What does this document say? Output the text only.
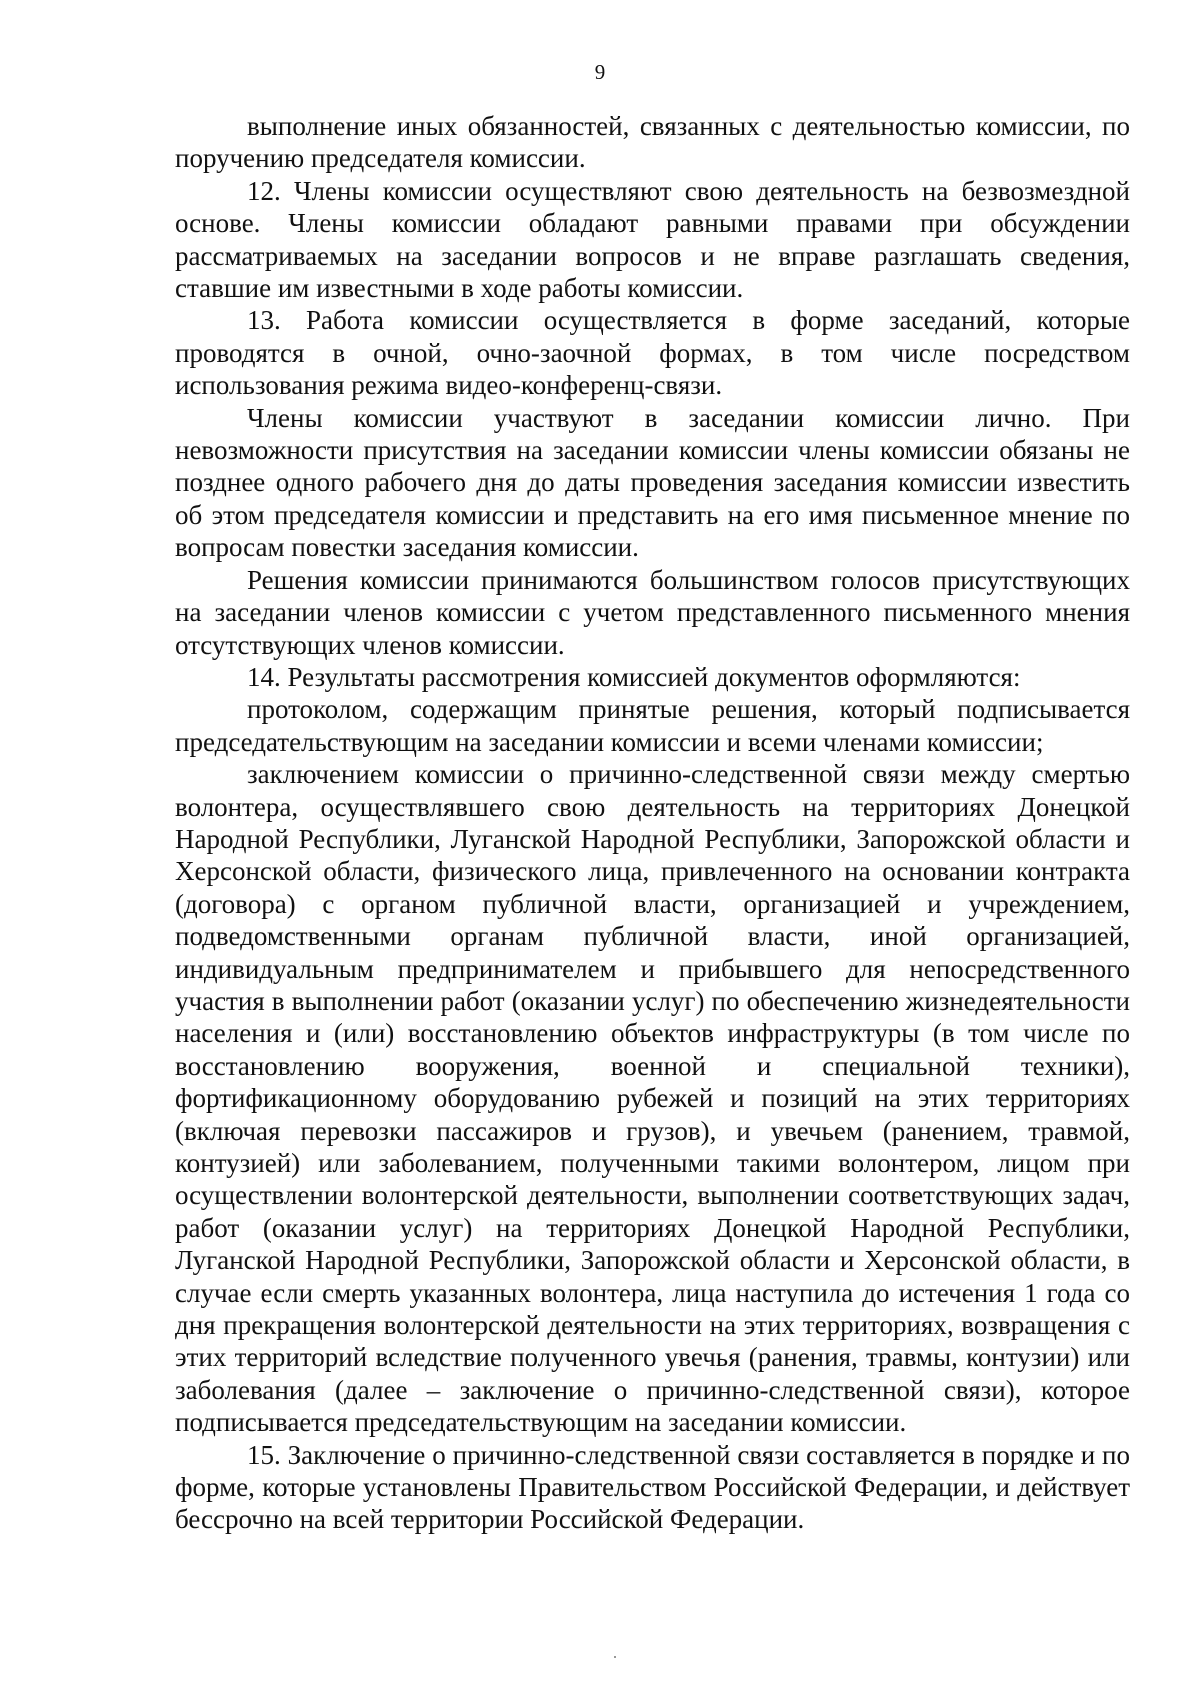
9

выполнение иных обязанностей, связанных с деятельностью комиссии, по поручению председателя комиссии.

12. Члены комиссии осуществляют свою деятельность на безвозмездной основе. Члены комиссии обладают равными правами при обсуждении рассматриваемых на заседании вопросов и не вправе разглашать сведения, ставшие им известными в ходе работы комиссии.

13. Работа комиссии осуществляется в форме заседаний, которые проводятся в очной, очно-заочной формах, в том числе посредством использования режима видео-конференц-связи.

Члены комиссии участвуют в заседании комиссии лично. При невозможности присутствия на заседании комиссии члены комиссии обязаны не позднее одного рабочего дня до даты проведения заседания комиссии известить об этом председателя комиссии и представить на его имя письменное мнение по вопросам повестки заседания комиссии.

Решения комиссии принимаются большинством голосов присутствующих на заседании членов комиссии с учетом представленного письменного мнения отсутствующих членов комиссии.

14. Результаты рассмотрения комиссией документов оформляются:

протоколом, содержащим принятые решения, который подписывается председательствующим на заседании комиссии и всеми членами комиссии;

заключением комиссии о причинно-следственной связи между смертью волонтера, осуществлявшего свою деятельность на территориях Донецкой Народной Республики, Луганской Народной Республики, Запорожской области и Херсонской области, физического лица, привлеченного на основании контракта (договора) с органом публичной власти, организацией и учреждением, подведомственными органам публичной власти, иной организацией, индивидуальным предпринимателем и прибывшего для непосредственного участия в выполнении работ (оказании услуг) по обеспечению жизнедеятельности населения и (или) восстановлению объектов инфраструктуры (в том числе по восстановлению вооружения, военной и специальной техники), фортификационному оборудованию рубежей и позиций на этих территориях (включая перевозки пассажиров и грузов), и увечьем (ранением, травмой, контузией) или заболеванием, полученными такими волонтером, лицом при осуществлении волонтерской деятельности, выполнении соответствующих задач, работ (оказании услуг) на территориях Донецкой Народной Республики, Луганской Народной Республики, Запорожской области и Херсонской области, в случае если смерть указанных волонтера, лица наступила до истечения 1 года со дня прекращения волонтерской деятельности на этих территориях, возвращения с этих территорий вследствие полученного увечья (ранения, травмы, контузии) или заболевания (далее – заключение о причинно-следственной связи), которое подписывается председательствующим на заседании комиссии.

15. Заключение о причинно-следственной связи составляется в порядке и по форме, которые установлены Правительством Российской Федерации, и действует бессрочно на всей территории Российской Федерации.
